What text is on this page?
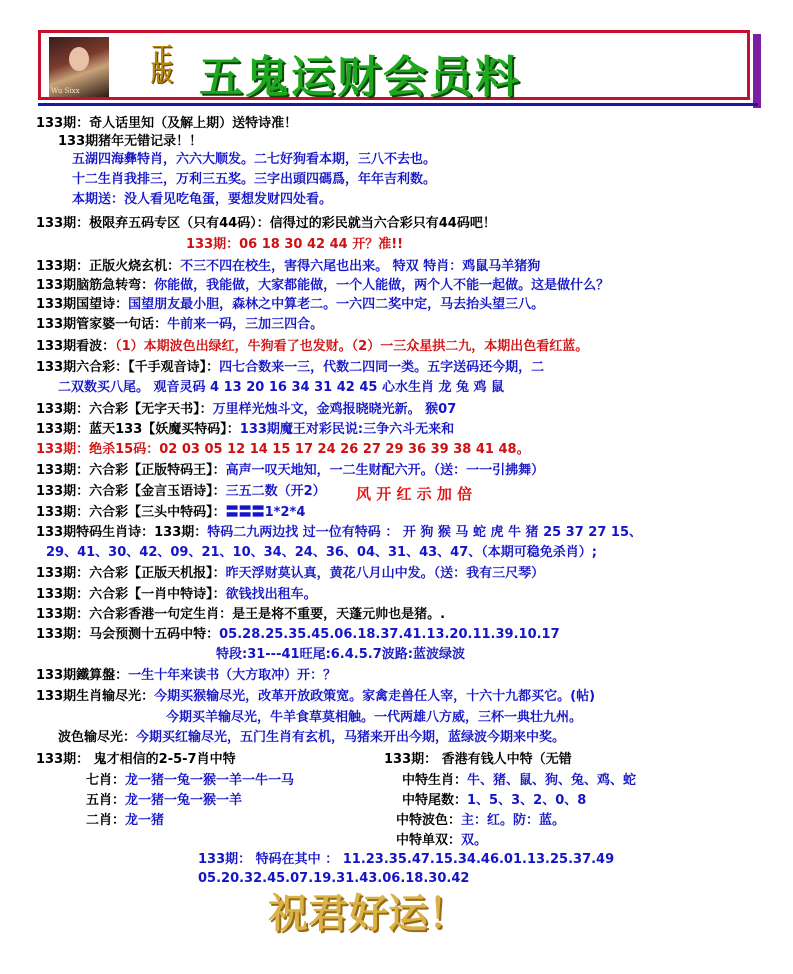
Wu Sixx
正版 五鬼运财会员料
133期：奇人话里知（及解上期）送特诗准！
133期猪年无错记录！！
五湖四海彝特肖，六六大顺发。二七好狗看本期，三八不去也。
十二生肖我排三，万利三五奖。三字出頭四碼爲，年年吉利数。
本期送：没人看见吃龟蛋，要想发财四处看。
133期：极限弃五码专区（只有44码）：信得过的彩民就当六合彩只有44码吧！
133期：06 18 30 42 44 开？准!!
133期：正版火烧玄机：不三不四在校生，害得六尾也出来。 特双 特肖：鸡鼠马羊猪狗
133期脑筋急转弯：你能做，我能做，大家都能做，一个人能做，两个人不能一起做。这是做什么？
133期国望诗：国望朋友最小胆，森林之中算老二。一六四二奖中定，马去抬头望三八。
133期管家婆一句话：牛前来一码，三加三四合。
133期看波：（1）本期波色出绿红，牛狗看了也发财。（2）一三众星拱二九，本期出色看红蓝。
133期六合彩：【千手观音诗】：四七合数来一三，代数二四同一类。五字送码还今期，二
二双数买八尾。 观音灵码 4 13 20 16 34 31 42 45 心水生肖 龙 兔 鸡 鼠
133期：六合彩【无字天书】：万里样光烛斗文，金鸡报晓晓光新。 猴07
133期：蓝天133【妖魔买特码】：133期魔王对彩民说:三争六斗无来和
133期：绝杀15码：02 03 05 12 14 15 17 24 26 27 29 36 39 38 41 48。
133期：六合彩【正版特码王】：高声一叹天地知，一二生财配六开。（送：一一引拂舞）
133期：六合彩【金言玉语诗】：三五二数（开2）
133期：六合彩【三头中特码】：〓〓〓1*2*4
133期特码生肖诗：133期：特码二九两边找 过一位有特码 ： 开 狗 猴 马 蛇 虎 牛 猪 25 37 27 15、
29、41、30、42、09、21、10、34、24、36、04、31、43、47、（本期可稳免杀肖）;
133期：六合彩【正版天机报】：昨天浮财莫认真，黄花八月山中发。（送：我有三尺琴）
133期：六合彩【一肖中特诗】：欲钱找出租车。
133期：六合彩香港一句定生肖：是王是将不重要，天蓬元帅也是猪。.
133期：马会预测十五码中特：05.28.25.35.45.06.18.37.41.13.20.11.39.10.17
特段:31---41旺尾:6.4.5.7波路:蓝波绿波
133期鐵算盤：一生十年来读书（大方取冲）开：？
133期生肖输尽光：今期买猴输尽光，改革开放政策宽。家禽走兽任人宰，十六十九都买它。(帖)
今期买羊输尽光，牛羊食草莫相触。一代两雄八方威，三杯一典壮九州。
波色输尽光：今期买红输尽光，五门生肖有玄机，马猪来开出今期，蓝绿波今期来中奖。
133期： 鬼才相信的2-5-7肖中特
七肖：龙一猪一兔一猴一羊一牛一马
五肖：龙一猪一兔一猴一羊
二肖：龙一猪
133期： 香港有钱人中特（无错
中特生肖：牛、猪、鼠、狗、兔、鸡、蛇
中特尾数：1、5、3、2、0、8
中特波色：主：红。防：蓝。
中特单双：双。
133期： 特码在其中 ： 11.23.35.47.15.34.46.01.13.25.37.49
05.20.32.45.07.19.31.43.06.18.30.42
风 开 红 示 加 倍
祝君好运！
